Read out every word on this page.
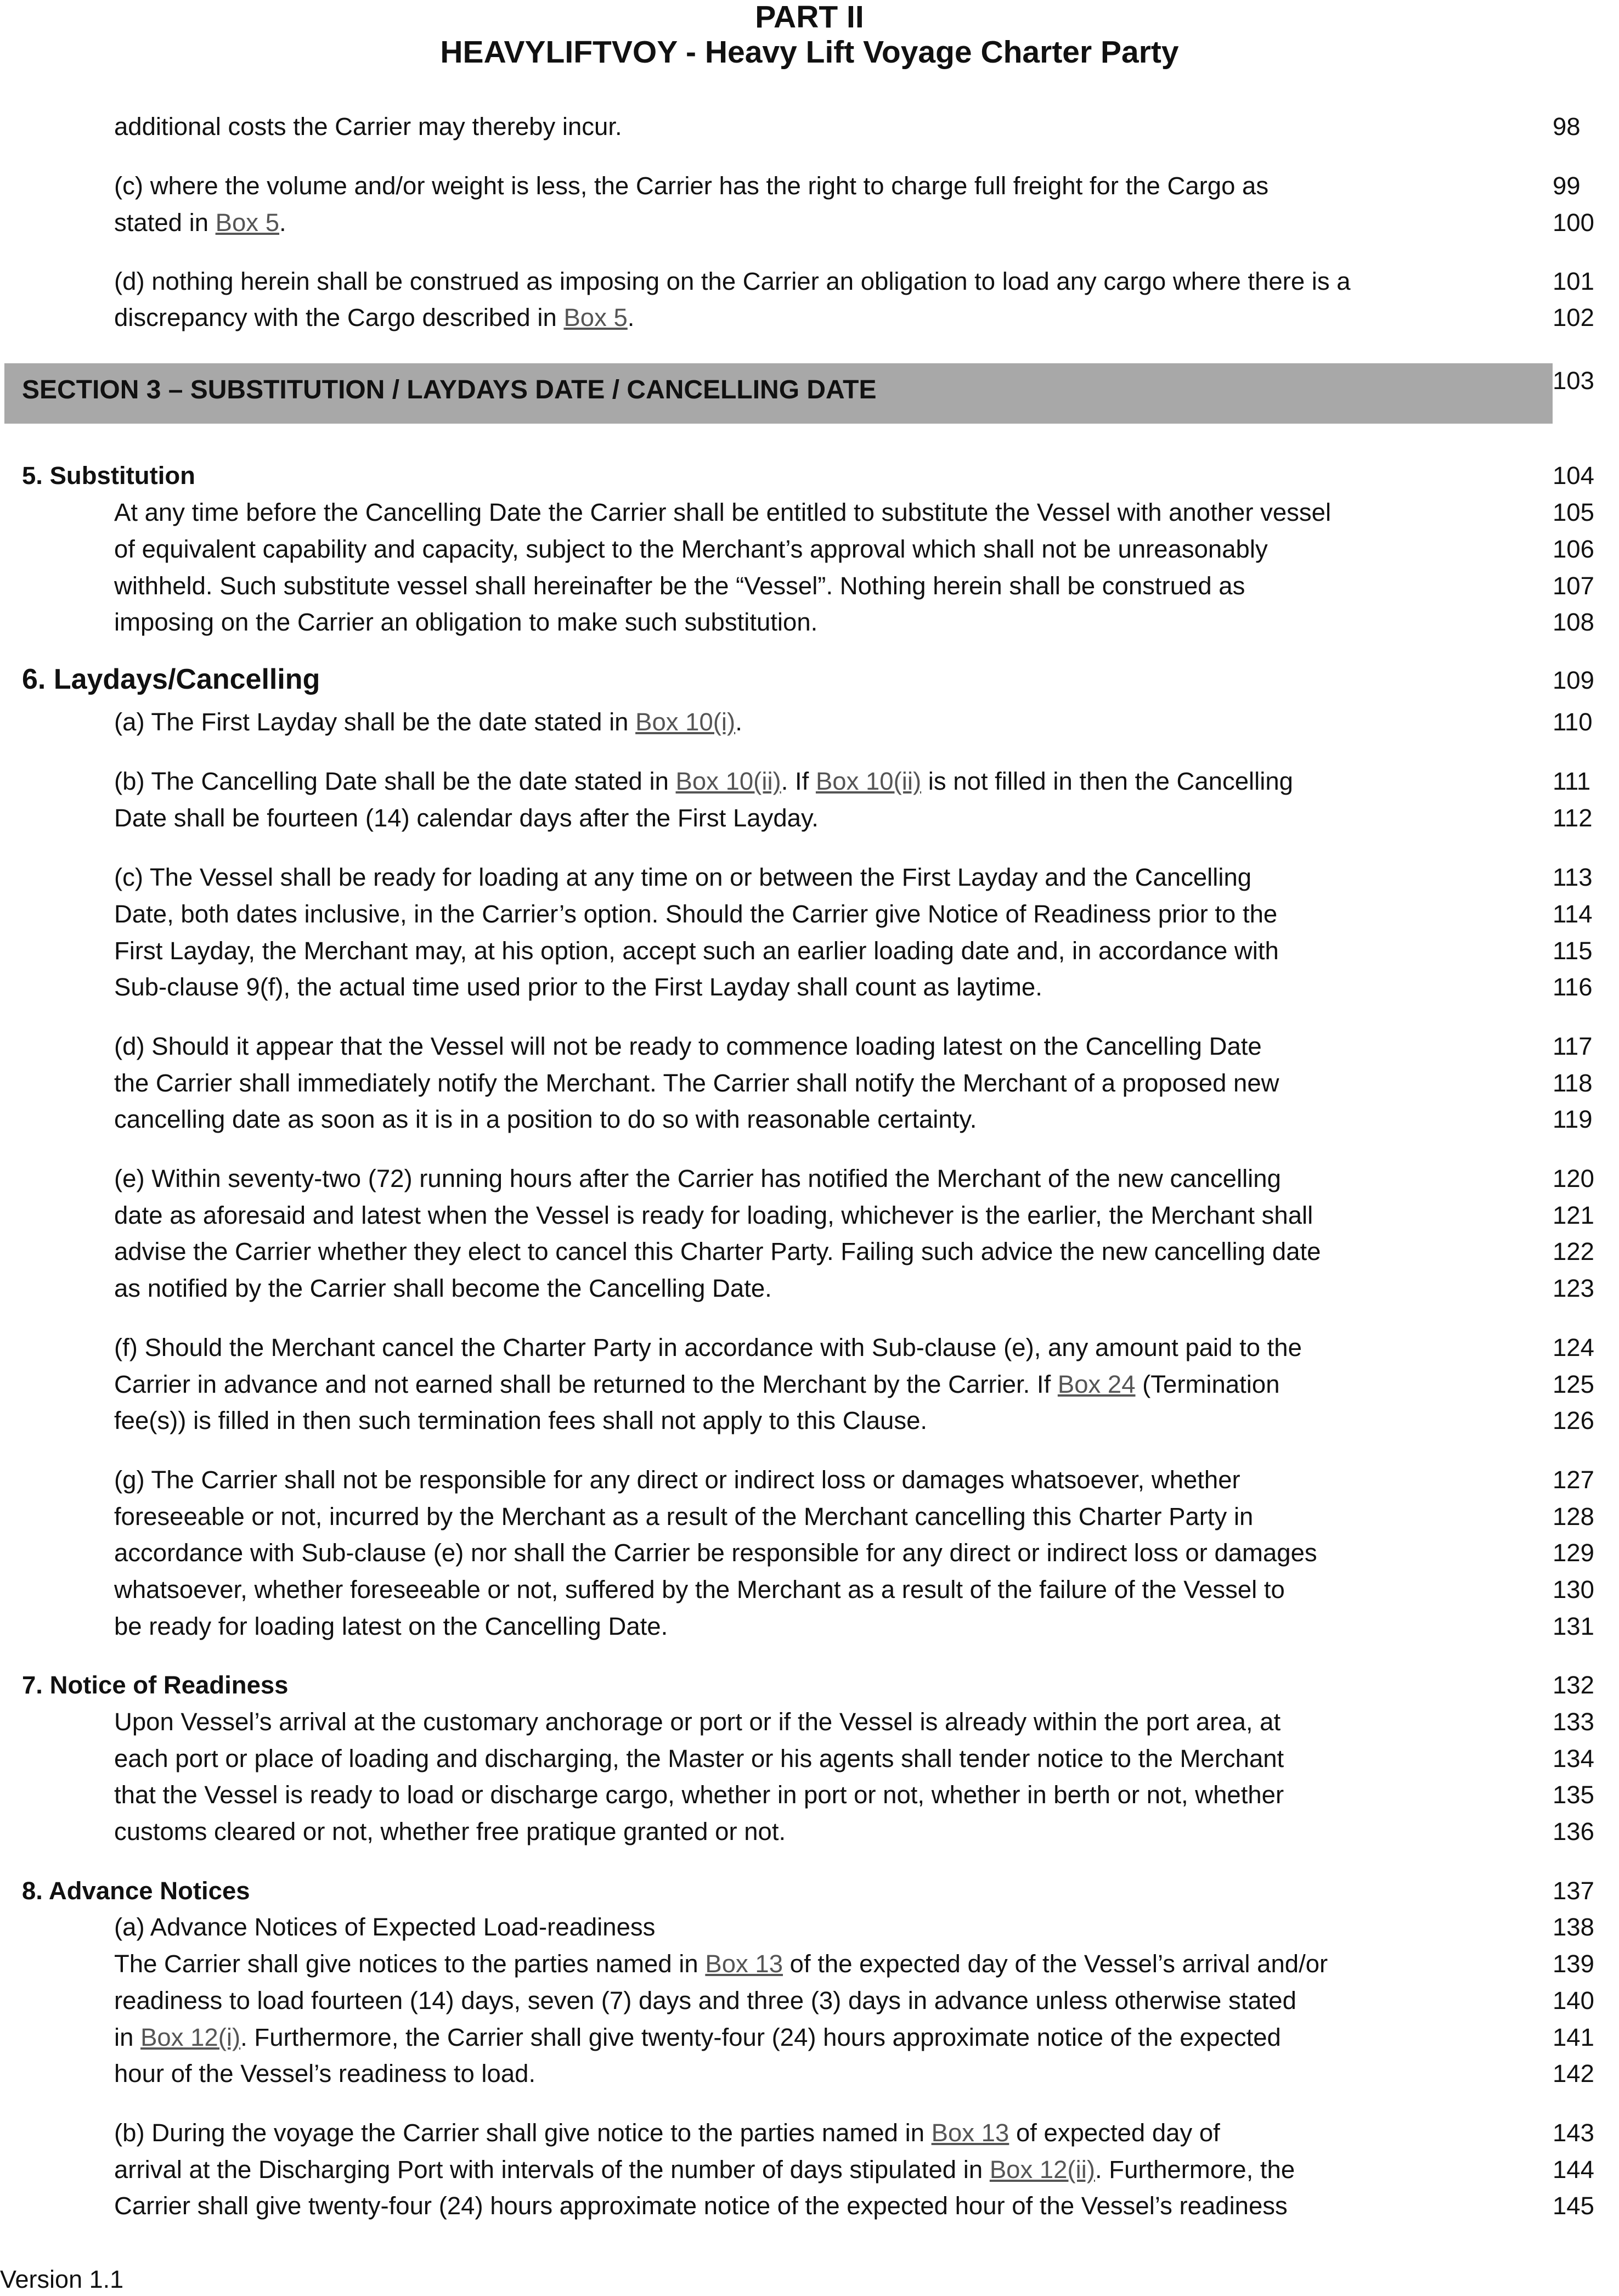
PART II
HEAVYLIFTVOY - Heavy Lift Voyage Charter Party
SECTION 3 – SUBSTITUTION / LAYDAYS DATE / CANCELLING DATE	103
additional costs the Carrier may thereby incur.	98
(c) where the volume and/or weight is less, the Carrier has the right to charge full freight for the Cargo as	99
stated in Box 5.	100
(d) nothing herein shall be construed as imposing on the Carrier an obligation to load any cargo where there is a	101
discrepancy with the Cargo described in Box 5.	102
5. Substitution	104
At any time before the Cancelling Date the Carrier shall be entitled to substitute the Vessel with another vessel	105
of equivalent capability and capacity, subject to the Merchant’s approval which shall not be unreasonably	106
withheld. Such substitute vessel shall hereinafter be the “Vessel”. Nothing herein shall be construed as	107
imposing on the Carrier an obligation to make such substitution.	108
6. Laydays/Cancelling	109
(a) The First Layday shall be the date stated in Box 10(i).	110
(b) The Cancelling Date shall be the date stated in Box 10(ii). If Box 10(ii) is not filled in then the Cancelling	111
Date shall be fourteen (14) calendar days after the First Layday.	112
(c) The Vessel shall be ready for loading at any time on or between the First Layday and the Cancelling	113
Date, both dates inclusive, in the Carrier’s option. Should the Carrier give Notice of Readiness prior to the	114
First Layday, the Merchant may, at his option, accept such an earlier loading date and, in accordance with	115
Sub-clause 9(f), the actual time used prior to the First Layday shall count as laytime.	116
(d) Should it appear that the Vessel will not be ready to commence loading latest on the Cancelling Date	117
the Carrier shall immediately notify the Merchant. The Carrier shall notify the Merchant of a proposed new	118
cancelling date as soon as it is in a position to do so with reasonable certainty.	119
(e) Within seventy-two (72) running hours after the Carrier has notified the Merchant of the new cancelling	120
date as aforesaid and latest when the Vessel is ready for loading, whichever is the earlier, the Merchant shall	121
advise the Carrier whether they elect to cancel this Charter Party. Failing such advice the new cancelling date	122
as notified by the Carrier shall become the Cancelling Date.	123
(f) Should the Merchant cancel the Charter Party in accordance with Sub-clause (e), any amount paid to the	124
Carrier in advance and not earned shall be returned to the Merchant by the Carrier. If Box 24 (Termination	125
fee(s)) is filled in then such termination fees shall not apply to this Clause.	126
(g) The Carrier shall not be responsible for any direct or indirect loss or damages whatsoever, whether	127
foreseeable or not, incurred by the Merchant as a result of the Merchant cancelling this Charter Party in	128
accordance with Sub-clause (e) nor shall the Carrier be responsible for any direct or indirect loss or damages	129
whatsoever, whether foreseeable or not, suffered by the Merchant as a result of the failure of the Vessel to	130
be ready for loading latest on the Cancelling Date.	131
7. Notice of Readiness	132
Upon Vessel’s arrival at the customary anchorage or port or if the Vessel is already within the port area, at	133
each port or place of loading and discharging, the Master or his agents shall tender notice to the Merchant	134
that the Vessel is ready to load or discharge cargo, whether in port or not, whether in berth or not, whether	135
customs cleared or not, whether free pratique granted or not.	136
8. Advance Notices	137
(a) Advance Notices of Expected Load-readiness	138
The Carrier shall give notices to the parties named in Box 13 of the expected day of the Vessel’s arrival and/or	139
readiness to load fourteen (14) days, seven (7) days and three (3) days in advance unless otherwise stated	140
in Box 12(i). Furthermore, the Carrier shall give twenty-four (24) hours approximate notice of the expected	141
hour of the Vessel’s readiness to load.	142
(b) During the voyage the Carrier shall give notice to the parties named in Box 13 of expected day of	143
arrival at the Discharging Port with intervals of the number of days stipulated in Box 12(ii). Furthermore, the	144
Carrier shall give twenty-four (24) hours approximate notice of the expected hour of the Vessel’s readiness	145
Version 1.1
